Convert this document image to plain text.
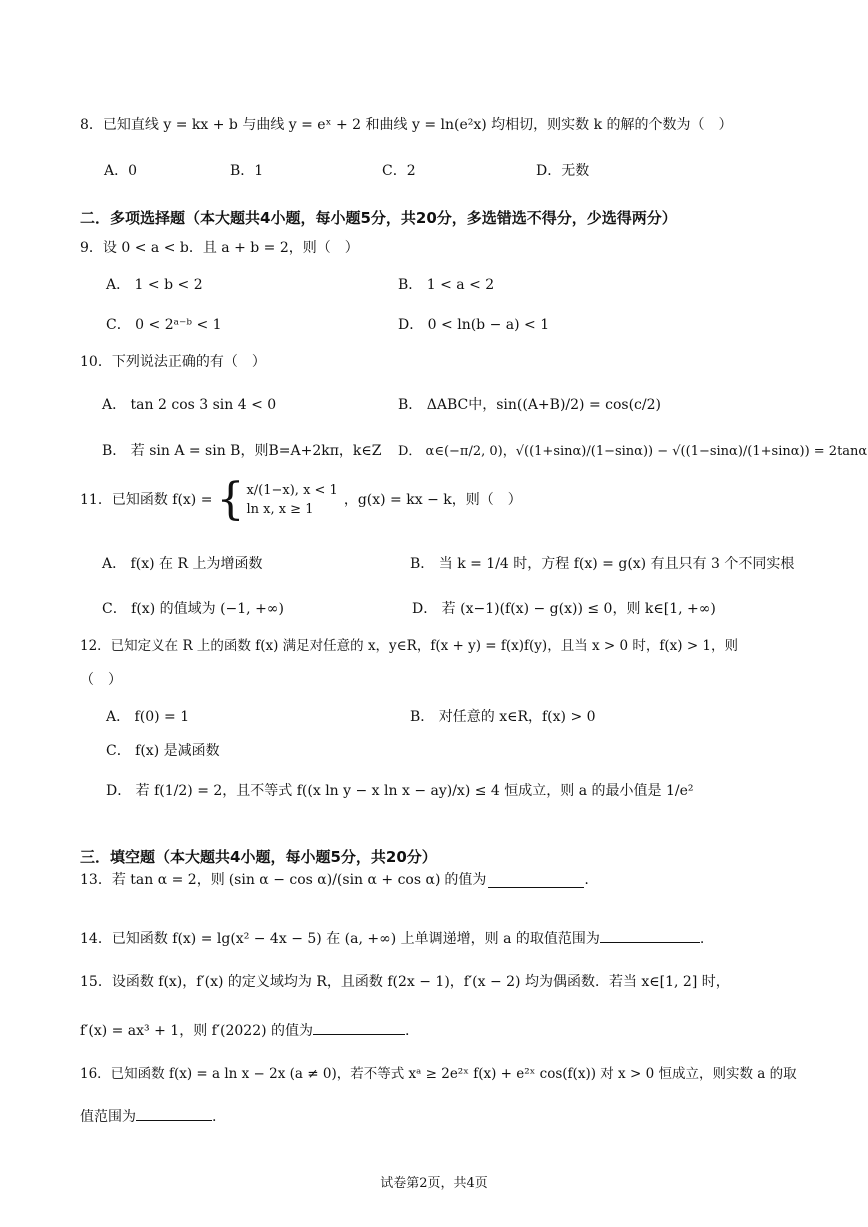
8．已知直线 y = kx + b 与曲线 y = eˣ + 2 和曲线 y = ln(e²x) 均相切，则实数 k 的解的个数为（　）
A．0	B．1	C．2	D．无数
二．多项选择题（本大题共4小题，每小题5分，共20分，多选错选不得分，少选得两分）
9．设 0 < a < b．且 a + b = 2，则（　）
A． 1 < b < 2	B． 1 < a < 2
C． 0 < 2ᵃ⁻ᵇ < 1	D． 0 < ln(b − a) < 1
10．下列说法正确的有（　）
A． tan 2 cos 3 sin 4 < 0	B． ΔABC中，sin((A+B)/2) = cos(c/2)
B． 若 sin A = sin B，则B=A+2kπ，k∈Z D． α∈(−π/2, 0)，√((1+sinα)/(1−sinα)) − √((1−sinα)/(1+sinα)) = 2tanα
11．已知函数 f(x) = { x/(1−x), x < 1
ln x, x ≥ 1
，g(x) = kx − k，则（　）
A． f(x) 在 R 上为增函数	B． 当 k = 1/4 时，方程 f(x) = g(x) 有且只有 3 个不同实根
C． f(x) 的值域为 (−1, +∞)	D． 若 (x−1)(f(x) − g(x)) ≤ 0，则 k∈[1, +∞)
12．已知定义在 R 上的函数 f(x) 满足对任意的 x，y∈R，f(x + y) = f(x)f(y)，且当 x > 0 时，f(x) > 1，则
（　）
A． f(0) = 1	B． 对任意的 x∈R，f(x) > 0
C． f(x) 是减函数
D． 若 f(1/2) = 2，且不等式 f((x ln y − x ln x − ay)/x) ≤ 4 恒成立，则 a 的最小值是 1/e²
三．填空题（本大题共4小题，每小题5分，共20分）
13．若 tan α = 2，则 (sin α − cos α)/(sin α + cos α) 的值为	.
14．已知函数 f(x) = lg(x² − 4x − 5) 在 (a, +∞) 上单调递增，则 a 的取值范围为	.
15．设函数 f(x)，f′(x) 的定义域均为 R，且函数 f(2x − 1)，f′(x − 2) 均为偶函数．若当 x∈[1, 2] 时，
f′(x) = ax³ + 1，则 f′(2022) 的值为	.
16．已知函数 f(x) = a ln x − 2x (a ≠ 0)，若不等式 xᵃ ≥ 2e²ˣ f(x) + e²ˣ cos(f(x)) 对 x > 0 恒成立，则实数 a 的取
值范围为	.
试卷第2页，共4页
